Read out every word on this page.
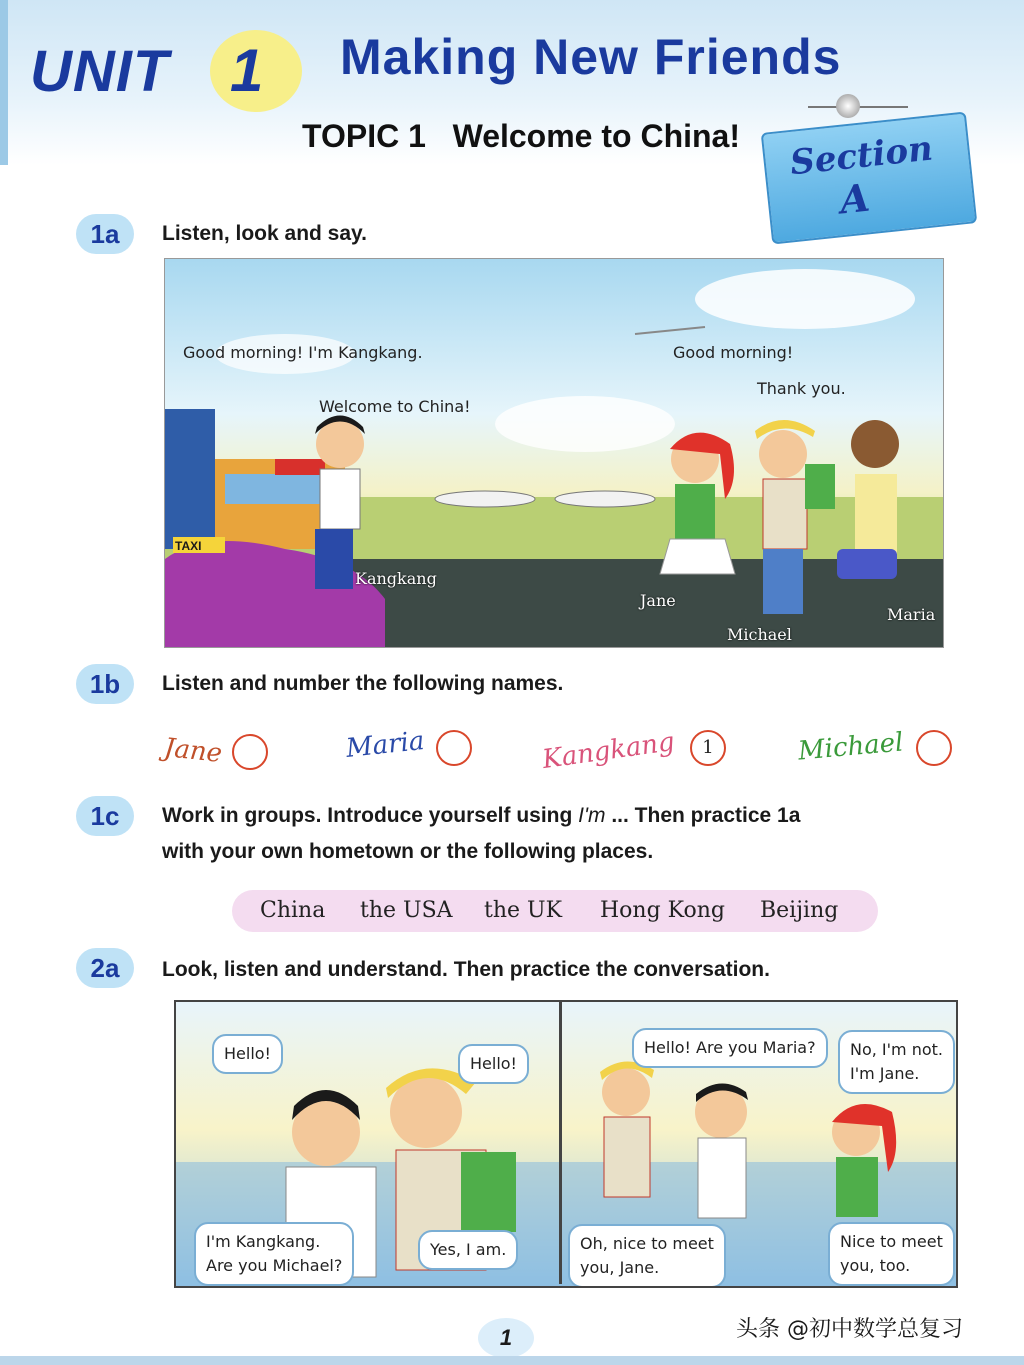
UNIT 1 Making New Friends
TOPIC 1   Welcome to China! Section
A
1a	Listen, look and say.
Good morning! I'm Kangkang.
Welcome to China!
Good morning!
Thank you.
TAXI
Kangkang
Jane
Michael
Maria
1b	Listen and number the following names.
Jane	Maria	Kangkang	1	Michael
1c	Work in groups. Introduce yourself using I'm ... Then practice 1a
with your own hometown or the following places.
China the USA the UK Hong Kong Beijing
2a	Look, listen and understand. Then practice the conversation.
Hello!
Hello!
I'm Kangkang.
Are you Michael?
Yes, I am.
Hello! Are you Maria?	No, I'm not.
I'm Jane.
Oh, nice to meet
you, Jane.
Nice to meet
you, too.
1	头条 @初中数学总复习
